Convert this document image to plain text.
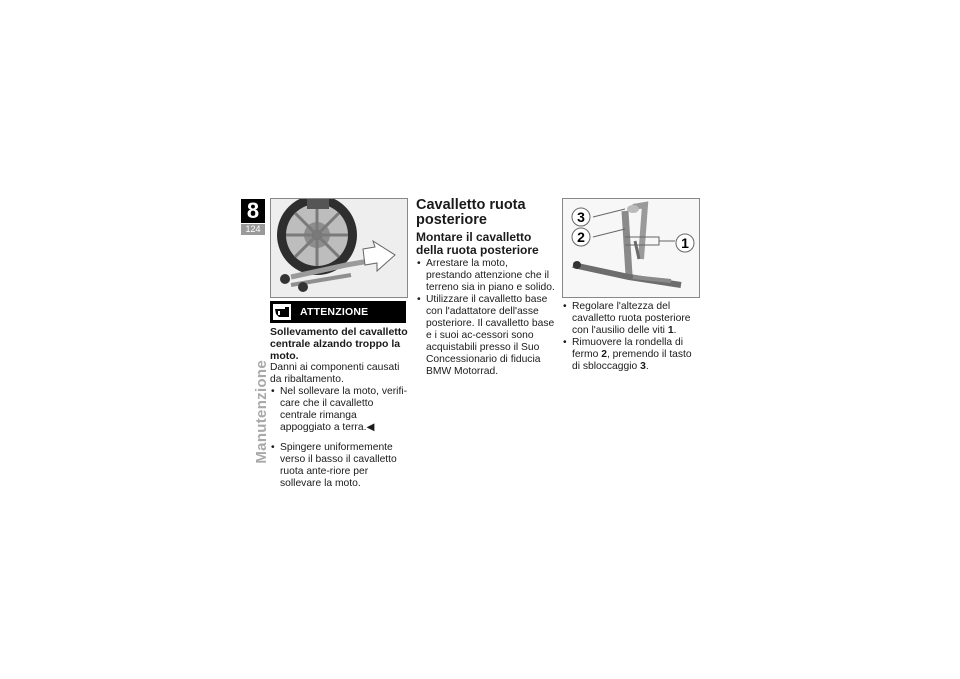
8
124
Manutenzione
ATTENZIONE

Sollevamento del cavalletto centrale alzando troppo la moto.

Danni ai componenti causati da ribaltamento.

• Nel sollevare la moto, verifi-care che il cavalletto centrale rimanga appoggiato a terra.◀
• Spingere uniformemente verso il basso il cavalletto ruota ante-riore per sollevare la moto.
Cavalletto ruota posteriore
Montare il cavalletto della ruota posteriore
• Arrestare la moto, prestando attenzione che il terreno sia in piano e solido.
• Utilizzare il cavalletto base con l'adattatore dell'asse posteriore. Il cavalletto base e i suoi ac-cessori sono acquistabili presso il Suo Concessionario di fiducia BMW Motorrad.
3
2	1
• Regolare l'altezza del cavalletto ruota posteriore con l'ausilio delle viti 1.
• Rimuovere la rondella di fermo 2, premendo il tasto di sbloccaggio 3.
